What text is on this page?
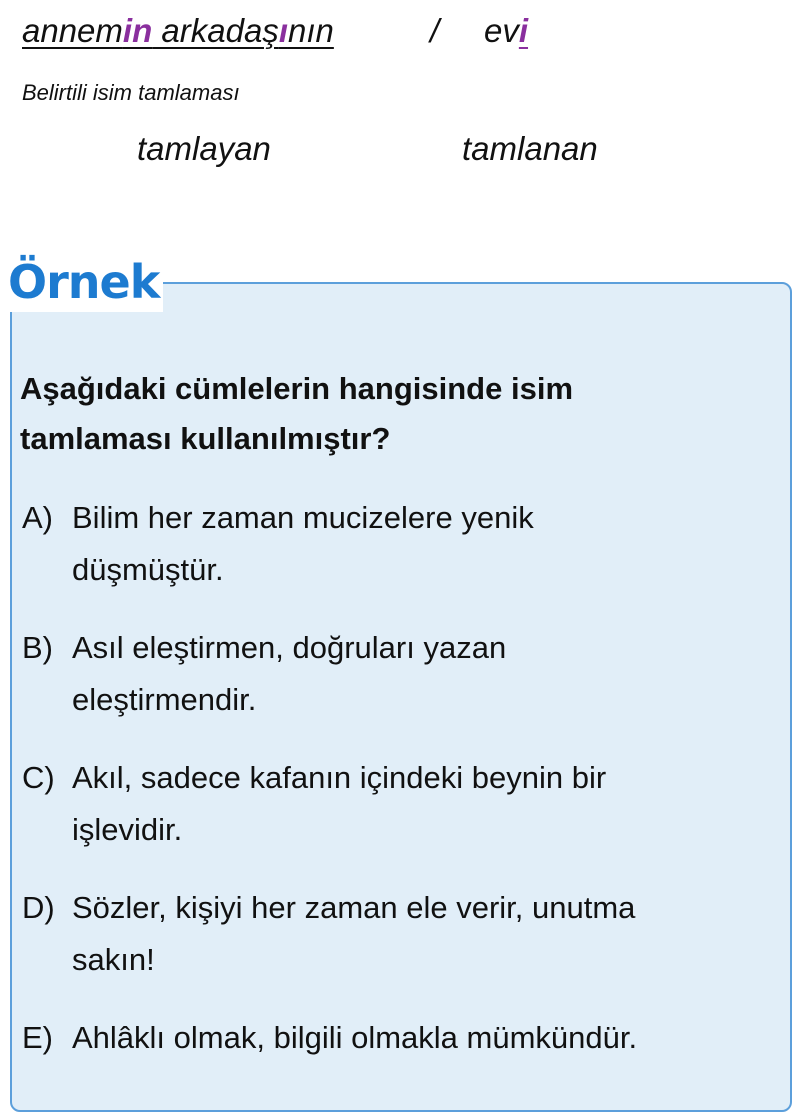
annemin arkadaşının	/ evi
Belirtili isim tamlaması
tamlayan	tamlanan
Örnek
Aşağıdaki cümlelerin hangisinde isim
tamlaması kullanılmıştır?
A) Bilim her zaman mucizelere yenik
düşmüştür.
B) Asıl eleştirmen, doğruları yazan
eleştirmendir.
C) Akıl, sadece kafanın içindeki beynin bir
işlevidir.
D) Sözler, kişiyi her zaman ele verir, unutma
sakın!
E) Ahlâklı olmak, bilgili olmakla mümkündür.
